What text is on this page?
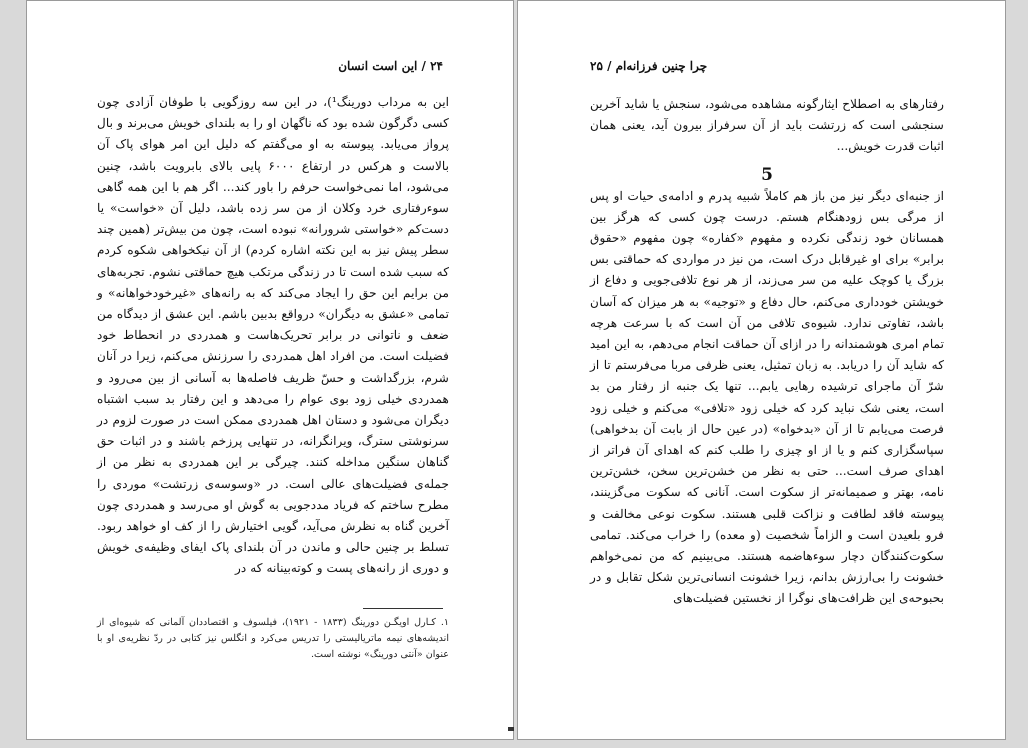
۲۴ / این است انسان

این به مرداب دورینگ¹)، در این سه روزگویی با طوفان آزادی چون کسی دگرگون شده بود که ناگهان او را به بلندای خویش می‌برند و بال پرواز می‌یابد. پیوسته به او می‌گفتم که دلیل این امر هوای پاک آن بالاست و هرکس در ارتفاع ۶۰۰۰ پایی بالای بابرویت باشد، چنین می‌شود، اما نمی‌خواست حرفم را باور کند... اگر هم با این همه گاهی سوء‌رفتاری خرد وکلان از من سر زده باشد، دلیل آن «خواست» یا دست‌کم «خواستی شرورانه» نبوده است، چون من بیش‌تر (همین چند سطر پیش نیز به این نکته اشاره کردم) از آن نیکخواهی شکوه کردم که سبب شده است تا در زندگی مرتکب هیچ حماقتی نشوم. تجربه‌های من برایم این حق را ایجاد می‌کند که به رانه‌های «غیرخودخواهانه» و تمامی «عشق به دیگران» درواقع بدبین باشم. این عشق از دیدگاه من ضعف و ناتوانی در برابر تحریک‌هاست و همدردی در انحطاط خود فضیلت است. من افراد اهل همدردی را سرزنش می‌کنم، زیرا در آنان شرم، بزرگداشت و حسّ ظریف فاصله‌ها به آسانی از بین می‌رود و همدردی خیلی زود بوی عوام را می‌دهد و این رفتار بد سبب اشتباه دیگران می‌شود و دستان اهل همدردی ممکن است در صورت لزوم در سرنوشتی سترگ، ویرانگرانه، در تنهایی پرزخم باشند و در اثبات حق گناهان سنگین مداخله کنند. چیرگی بر این همدردی به نظر من از جمله‌ی فضیلت‌های عالی است. در «وسوسه‌ی زرتشت» موردی را مطرح ساختم که فریاد مددجویی به گوش او می‌رسد و همدردی چون آخرین گناه به نظرش می‌آید، گویی اختیارش را از کف او خواهد ربود. تسلط بر چنین حالی و ماندن در آن بلندای پاک ایفای وظیفه‌ی خویش و دوری از رانه‌های پست و کوته‌بینانه که در

۱. کـارل اویگـن دورینگ (۱۸۳۳ - ۱۹۲۱)، فیلسوف و اقتصاددان آلمانی که شیوه‌ای از اندیشه‌های نیمه ماتریالیستی را تدریس می‌کرد و انگلس نیز کتابی در ردّ نظریه‌ی او با عنوان «آنتی دورینگ» نوشته است.
چرا چنین فرزانه‌ام / ۲۵

رفتارهای به اصطلاح ایثارگونه مشاهده می‌شود، سنجش یا شاید آخرین سنجشی است که زرتشت باید از آن سرفراز بیرون آید، یعنی همان اثبات قدرت خویش...

5

از جنبه‌ای دیگر نیز من باز هم کاملاً شبیه پدرم و ادامه‌ی حیات او پس از مرگی بس زودهنگام هستم. درست چون کسی که هرگز بین همسانان خود زندگی نکرده و مفهوم «کفاره» چون مفهوم «حقوق برابر» برای او غیرقابل درک است، من نیز در مواردی که حماقتی بس بزرگ یا کوچک علیه من سر می‌زند، از هر نوع تلافی‌جویی و دفاع از خویشتن خودداری می‌کنم، حال دفاع و «توجیه» به هر میزان که آسان باشد، تفاوتی ندارد. شیوه‌ی تلافی من آن است که با سرعت هرچه تمام امری هوشمندانه را در ازای آن حماقت انجام می‌دهم، به این امید که شاید آن را دریابد. به زبان تمثیل، یعنی ظرفی مربا می‌فرستم تا از شرّ آن ماجرای ترشیده رهایی یابم... تنها یک جنبه از رفتار من بد است، یعنی شک نباید کرد که خیلی زود «تلافی» می‌کنم و خیلی زود فرصت می‌یابم تا از آن «بدخواه» (در عین حال از بابت آن بدخواهی) سپاسگزاری کنم و یا از او چیزی را طلب کنم که اهدای آن فراتر از اهدای صرف است... حتی به نظر من خشن‌ترین سخن، خشن‌ترین نامه، بهتر و صمیمانه‌تر از سکوت است. آنانی که سکوت می‌گزینند، پیوسته فاقد لطافت و نزاکت قلبی هستند. سکوت نوعی مخالفت و فرو بلعیدن است و الزاماً شخصیت (و معده) را خراب می‌کند. تمامی سکوت‌کنندگان دچار سوءهاضمه هستند. می‌بینیم که من نمی‌خواهم خشونت را بی‌ارزش بدانم، زیرا خشونت انسانی‌ترین شکل تقابل و در بحبوحه‌ی این ظرافت‌های نوگرا از نخستین فضیلت‌های
